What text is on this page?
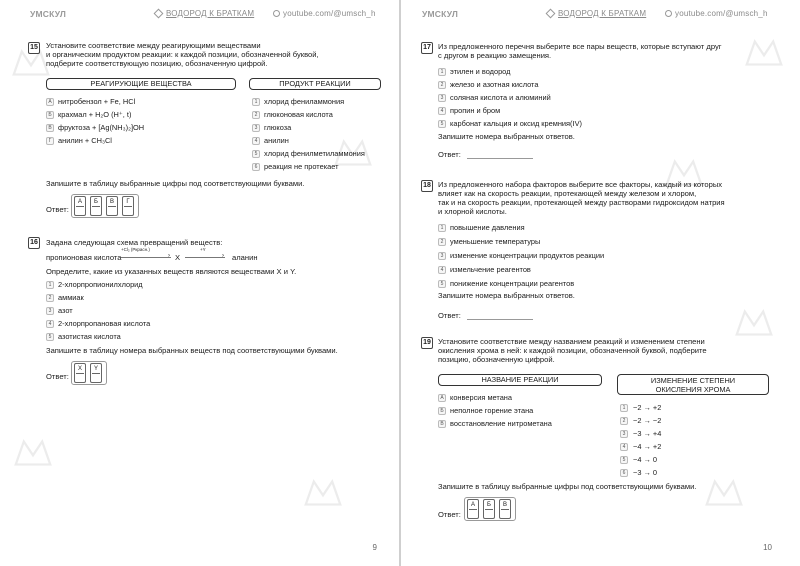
УМСКУЛ	ВОДОРОД К БРАТКАМ	youtube.com/@umsch_h
15 Установите соответствие между реагирующими веществами
и органическим продуктом реакции: к каждой позиции, обозначенной буквой,
подберите соответствующую позицию, обозначенную цифрой.
РЕАГИРУЮЩИЕ ВЕЩЕСТВА	ПРОДУКТ РЕАКЦИИ
А нитробензол + Fe, HCl
Б крахмал + H₂O (H⁺, t)
В фруктоза + [Ag(NH₃)₂]OH
Г анилин + CH₃Cl
1 хлорид фениламмония
2 глюконовая кислота
3 глюкоза
4 анилин
5 хлорид фенилметиламмония
6 реакция не протекает
Запишите в таблицу выбранные цифры под соответствующими буквами.
Ответ:
А	Б	В	Г
16 Задана следующая схема превращений веществ:
пропионовая кислота
+Cl₂ (Pкрасн.)
› X
+Y
› аланин
Определите, какие из указанных веществ являются веществами X и Y.
1 2-хлорпропионилхлорид
2 аммиак
3 азот
4 2-хлорпропановая кислота
5 азотистая кислота
Запишите в таблицу номера выбранных веществ под соответствующими буквами.
Ответ:
X	Y
9
УМСКУЛ	ВОДОРОД К БРАТКАМ	youtube.com/@umsch_h
17 Из предложенного перечня выберите все пары веществ, которые вступают друг
с другом в реакцию замещения.
1 этилен и водород
2 железо и азотная кислота
3 соляная кислота и алюминий
4 пропин и бром
5 карбонат кальция и оксид кремния(IV)
Запишите номера выбранных ответов.
Ответ:
18 Из предложенного набора факторов выберите все факторы, каждый из которых
влияет как на скорость реакции, протекающей между железом и хлором,
так и на скорость реакции, протекающей между растворами гидроксидом натрия
и хлорной кислоты.
1 повышение давления
2 уменьшение температуры
3 изменение концентрации продуктов реакции
4 измельчение реагентов
5 понижение концентрации реагентов
Запишите номера выбранных ответов.
Ответ:
19 Установите соответствие между названием реакций и изменением степени
окисления хрома в ней: к каждой позиции, обозначенной буквой, подберите
позицию, обозначенную цифрой.
НАЗВАНИЕ РЕАКЦИИ	ИЗМЕНЕНИЕ СТЕПЕНИ
ОКИСЛЕНИЯ ХРОМА
А конверсия метана
Б неполное горение этана
В восстановление нитрометана
1	−2 → +2
2	−2 → −2
3	−3 → +4
4	−4 → +2
5	−4 → 0
6	−3 → 0
Запишите в таблицу выбранные цифры под соответствующими буквами.
Ответ:
А	Б	В
10
